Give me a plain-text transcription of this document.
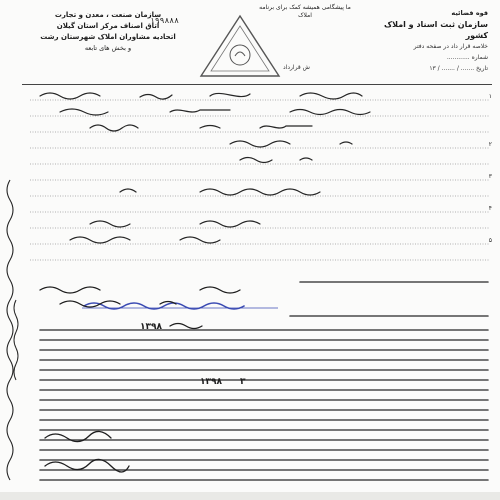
قوه قضائیه
سازمان ثبت اسناد و املاک کشور
خلاصه قرار داد در صفحه دفتر
شماره ............
تاریخ ....... / ....... / ۱۳
سازمان صنعت ، معدن و تجارت
اتاق اصناف مرکز استان گیلان
اتحادیه مشاوران املاک شهرستان رشت
و بخش های تابعه
۱۹۹۸۸۸
ما پیشگامی همیشه کمک برای برنامه املاک
ش قرارداد
۱
۲
۳
۴
۵
۱۳۹۸
۱۳۹۸ ۳
